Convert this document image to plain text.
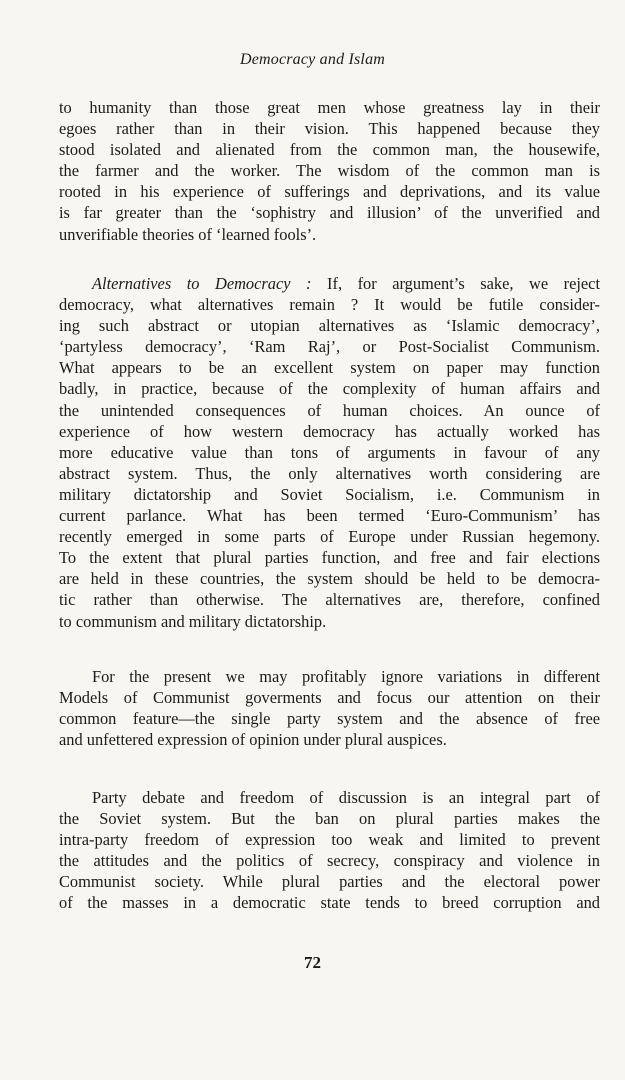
Democracy and Islam
to humanity than those great men whose greatness lay in their
egoes rather than in their vision. This happened because they
stood isolated and alienated from the common man, the housewife,
the farmer and the worker. The wisdom of the common man is
rooted in his experience of sufferings and deprivations, and its value
is far greater than the ‘sophistry and illusion’ of the unverified and
unverifiable theories of ‘learned fools’.
Alternatives to Democracy : If, for argument’s sake, we reject
democracy, what alternatives remain ? It would be futile consider-
ing such abstract or utopian alternatives as ‘Islamic democracy’,
‘partyless democracy’, ‘Ram Raj’, or Post-Socialist Communism.
What appears to be an excellent system on paper may function
badly, in practice, because of the complexity of human affairs and
the unintended consequences of human choices. An ounce of
experience of how western democracy has actually worked has
more educative value than tons of arguments in favour of any
abstract system. Thus, the only alternatives worth considering are
military dictatorship and Soviet Socialism, i.e. Communism in
current parlance. What has been termed ‘Euro-Communism’ has
recently emerged in some parts of Europe under Russian hegemony.
To the extent that plural parties function, and free and fair elections
are held in these countries, the system should be held to be democra-
tic rather than otherwise. The alternatives are, therefore, confined
to communism and military dictatorship.
For the present we may profitably ignore variations in different
Models of Communist goverments and focus our attention on their
common feature—the single party system and the absence of free
and unfettered expression of opinion under plural auspices.
Party debate and freedom of discussion is an integral part of
the Soviet system. But the ban on plural parties makes the
intra-party freedom of expression too weak and limited to prevent
the attitudes and the politics of secrecy, conspiracy and violence in
Communist society. While plural parties and the electoral power
of the masses in a democratic state tends to breed corruption and
72
